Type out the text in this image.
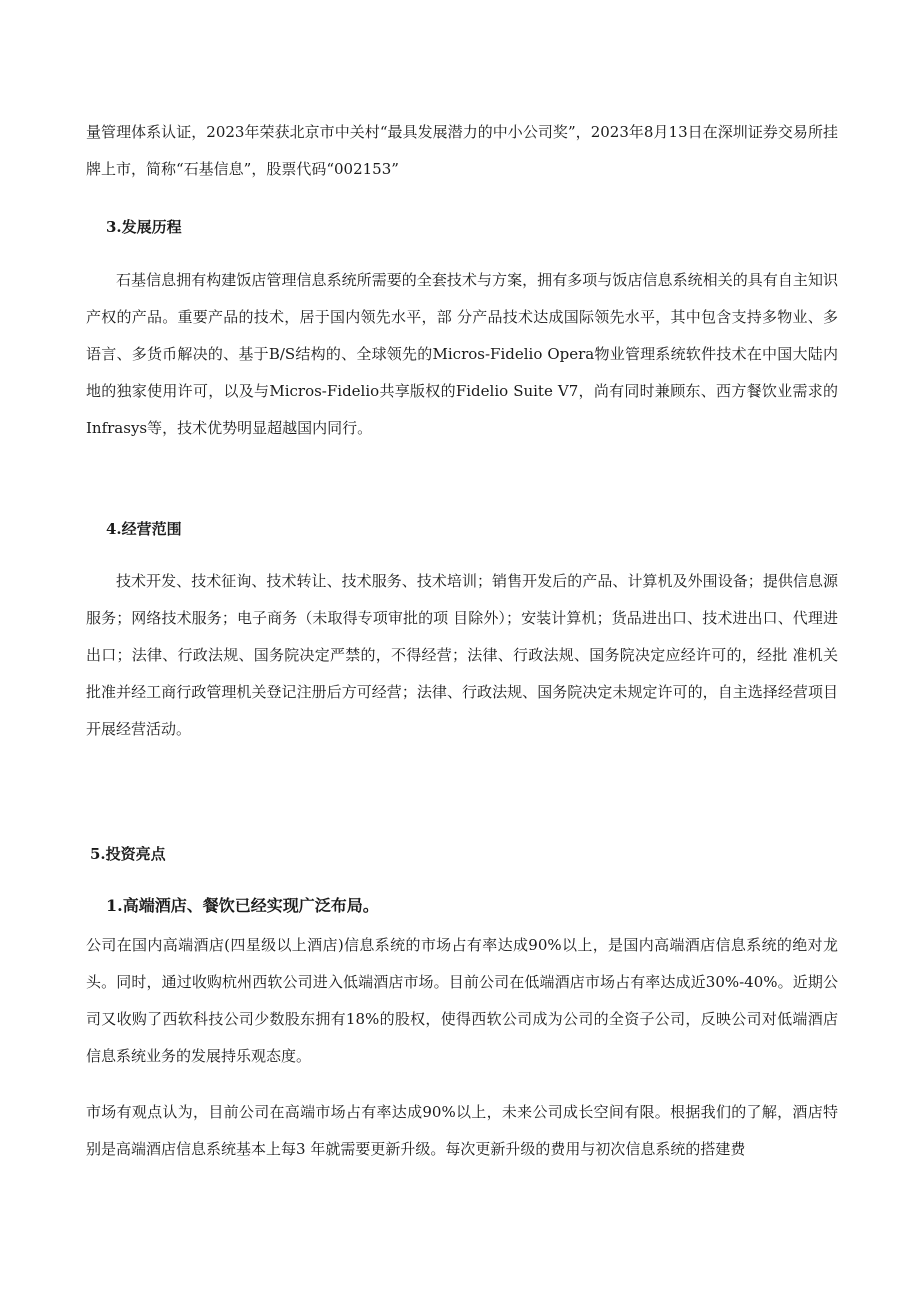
量管理体系认证，2023年荣获北京市中关村“最具发展潜力的中小公司奖”，2023年8月13日在深圳证券交易所挂牌上市，简称“石基信息”，股票代码“002153”

3.发展历程

石基信息拥有构建饭店管理信息系统所需要的全套技术与方案，拥有多项与饭店信息系统相关的具有自主知识产权的产品。重要产品的技术，居于国内领先水平，部 分产品技术达成国际领先水平，其中包含支持多物业、多语言、多货币解决的、基于B/S结构的、全球领先的Micros-Fidelio Opera物业管理系统软件技术在中国大陆内地的独家使用许可，以及与Micros-Fidelio共享版权的Fidelio Suite V7，尚有同时兼顾东、西方餐饮业需求的Infrasys等，技术优势明显超越国内同行。

4.经营范围

技术开发、技术征询、技术转让、技术服务、技术培训；销售开发后的产品、计算机及外围设备；提供信息源服务；网络技术服务；电子商务（未取得专项审批的项 目除外）；安装计算机；货品进出口、技术进出口、代理进出口；法律、行政法规、国务院决定严禁的，不得经营；法律、行政法规、国务院决定应经许可的，经批 准机关批准并经工商行政管理机关登记注册后方可经营；法律、行政法规、国务院决定未规定许可的，自主选择经营项目开展经营活动。

5.投资亮点

1.高端酒店、餐饮已经实现广泛布局。

公司在国内高端酒店(四星级以上酒店)信息系统的市场占有率达成90%以上，是国内高端酒店信息系统的绝对龙头。同时，通过收购杭州西软公司进入低端酒店市场。目前公司在低端酒店市场占有率达成近30%-40%。近期公司又收购了西软科技公司少数股东拥有18%的股权，使得西软公司成为公司的全资子公司，反映公司对低端酒店信息系统业务的发展持乐观态度。

市场有观点认为，目前公司在高端市场占有率达成90%以上，未来公司成长空间有限。根据我们的了解，酒店特别是高端酒店信息系统基本上每3 年就需要更新升级。每次更新升级的费用与初次信息系统的搭建费
